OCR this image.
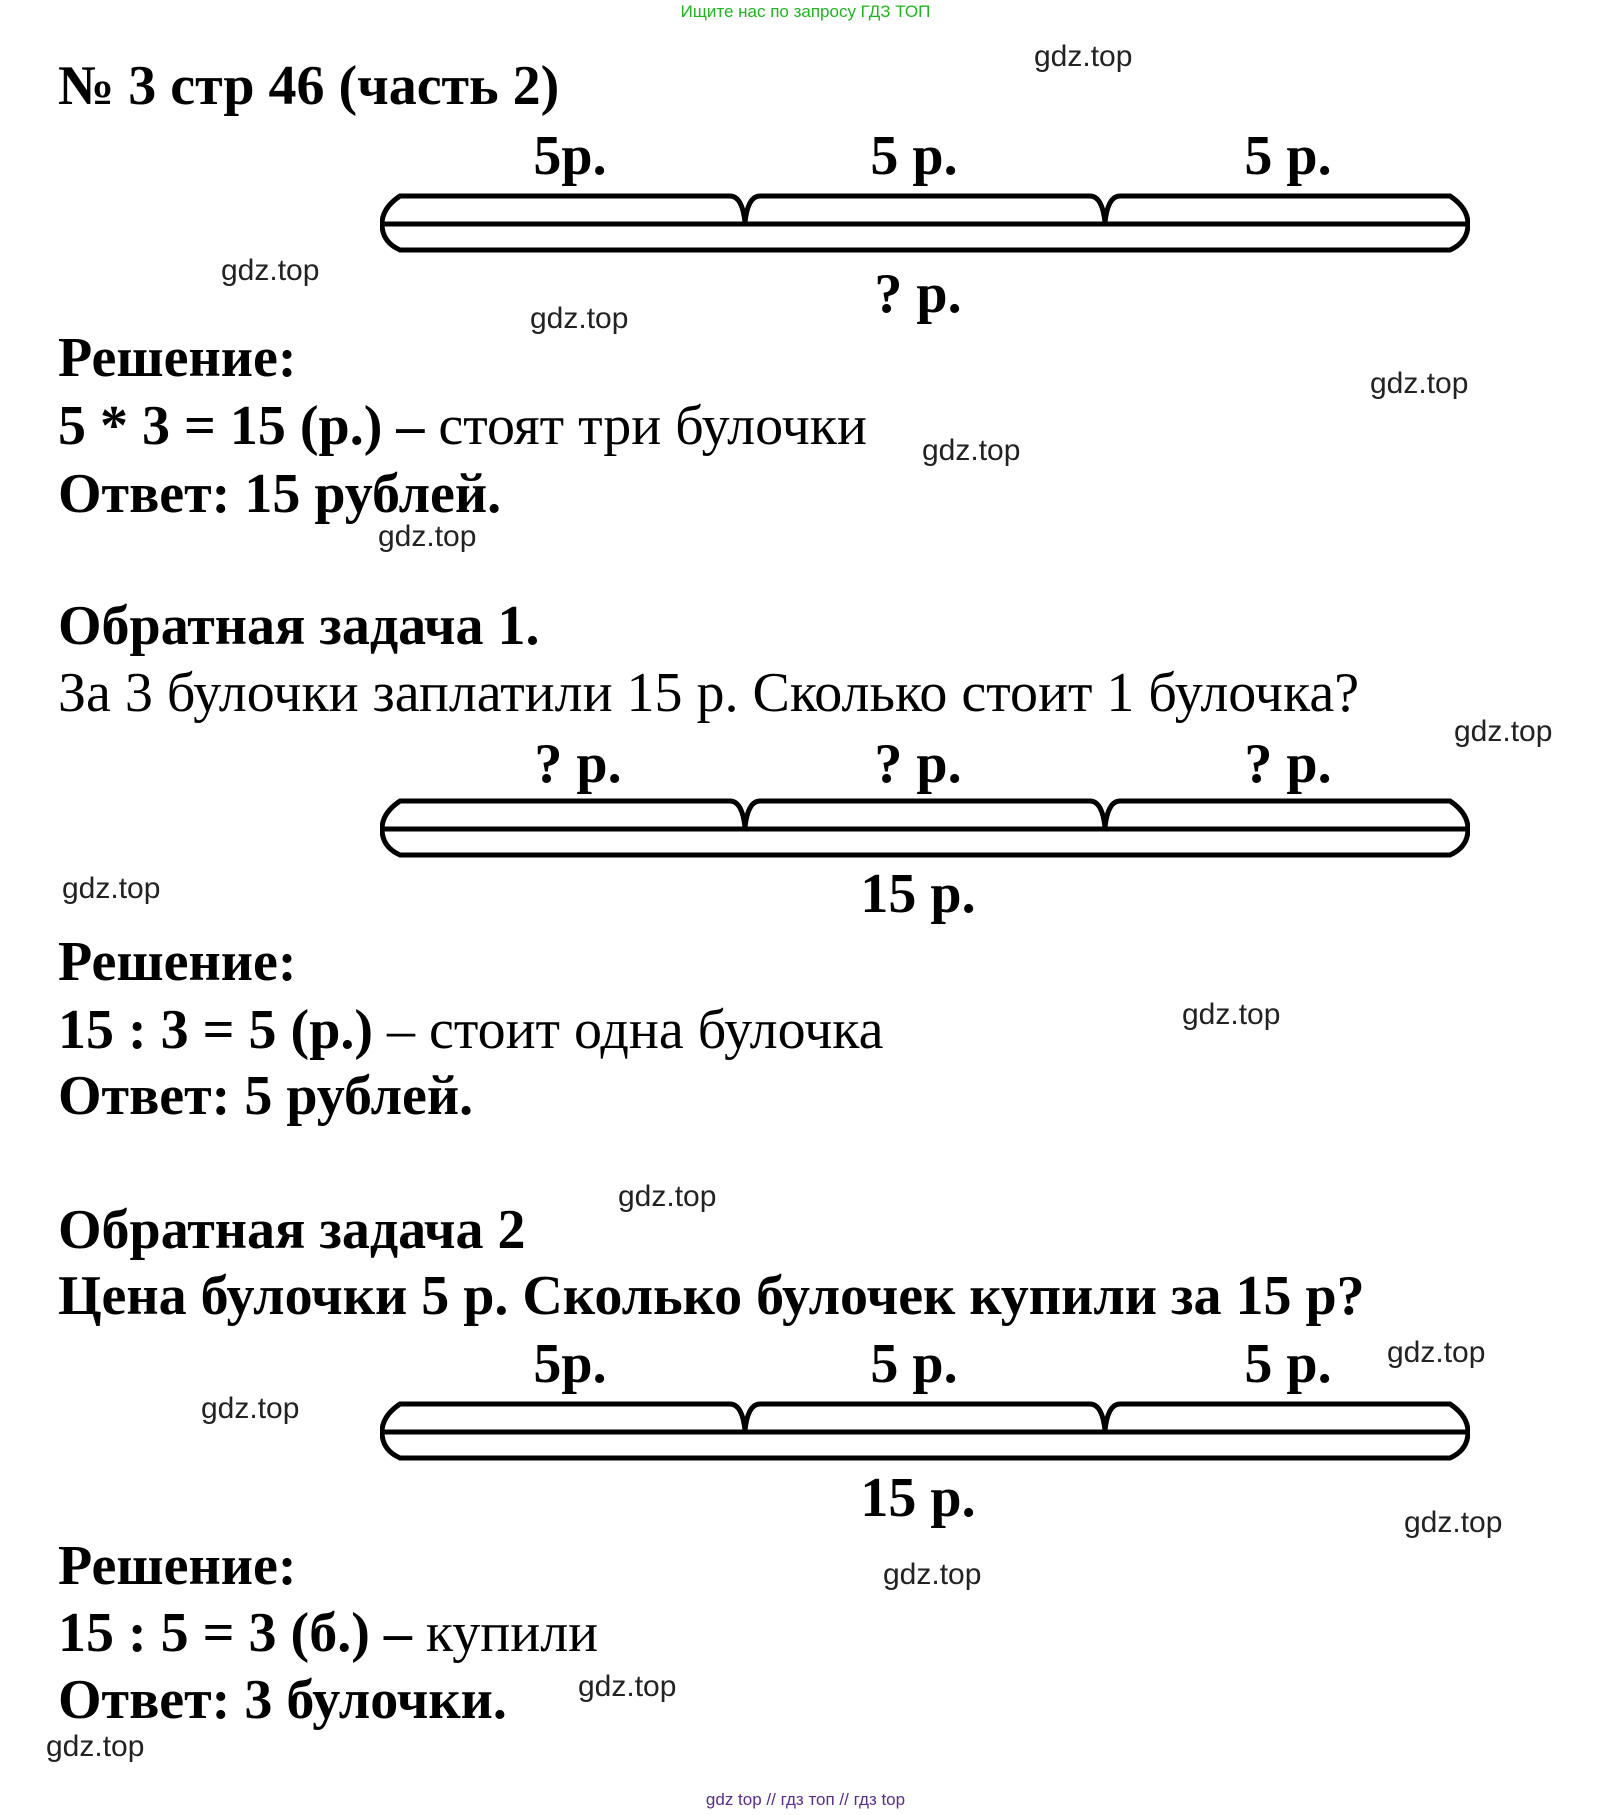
Ищите нас по запросу ГДЗ ТОП
gdz top // гдз топ // гдз top
№ 3 стр 46 (часть 2)
5р.	5 р.	5 р.
? р.
Решение:
5 * 3 = 15 (р.) – стоят три булочки
Ответ: 15 рублей.
Обратная задача 1.
За 3 булочки заплатили 15 р. Сколько стоит 1 булочка?
? р.	? р.	? р.
15 р.
Решение:
15 : 3 = 5 (р.) – стоит одна булочка
Ответ: 5 рублей.
Обратная задача 2
Цена булочки 5 р. Сколько булочек купили за 15 р?
5р.	5 р.	5 р.
15 р.
Решение:
15 : 5 = 3 (б.) – купили
Ответ: 3 булочки.
gdz.top
gdz.top
gdz.top
gdz.top
gdz.top
gdz.top
gdz.top
gdz.top
gdz.top
gdz.top
gdz.top
gdz.top
gdz.top
gdz.top
gdz.top
gdz.top
